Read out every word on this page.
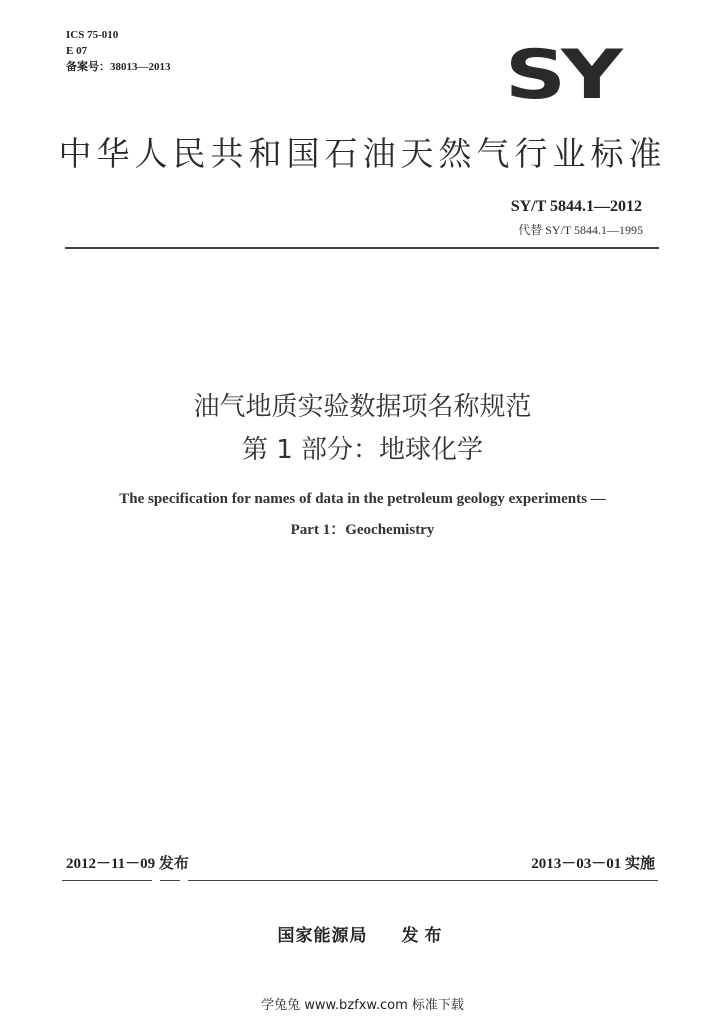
ICS 75-010
E 07
备案号：38013—2013	SY
中华人民共和国石油天然气行业标准
SY/T 5844.1—2012
代替 SY/T 5844.1—1995
油气地质实验数据项名称规范
第 1 部分：地球化学
The specification for names of data in the petroleum geology experiments —
Part 1：Geochemistry
2012－11－09 发布	2013－03－01 实施
国家能源局 发布
学兔兔 www.bzfxw.com 标准下载
